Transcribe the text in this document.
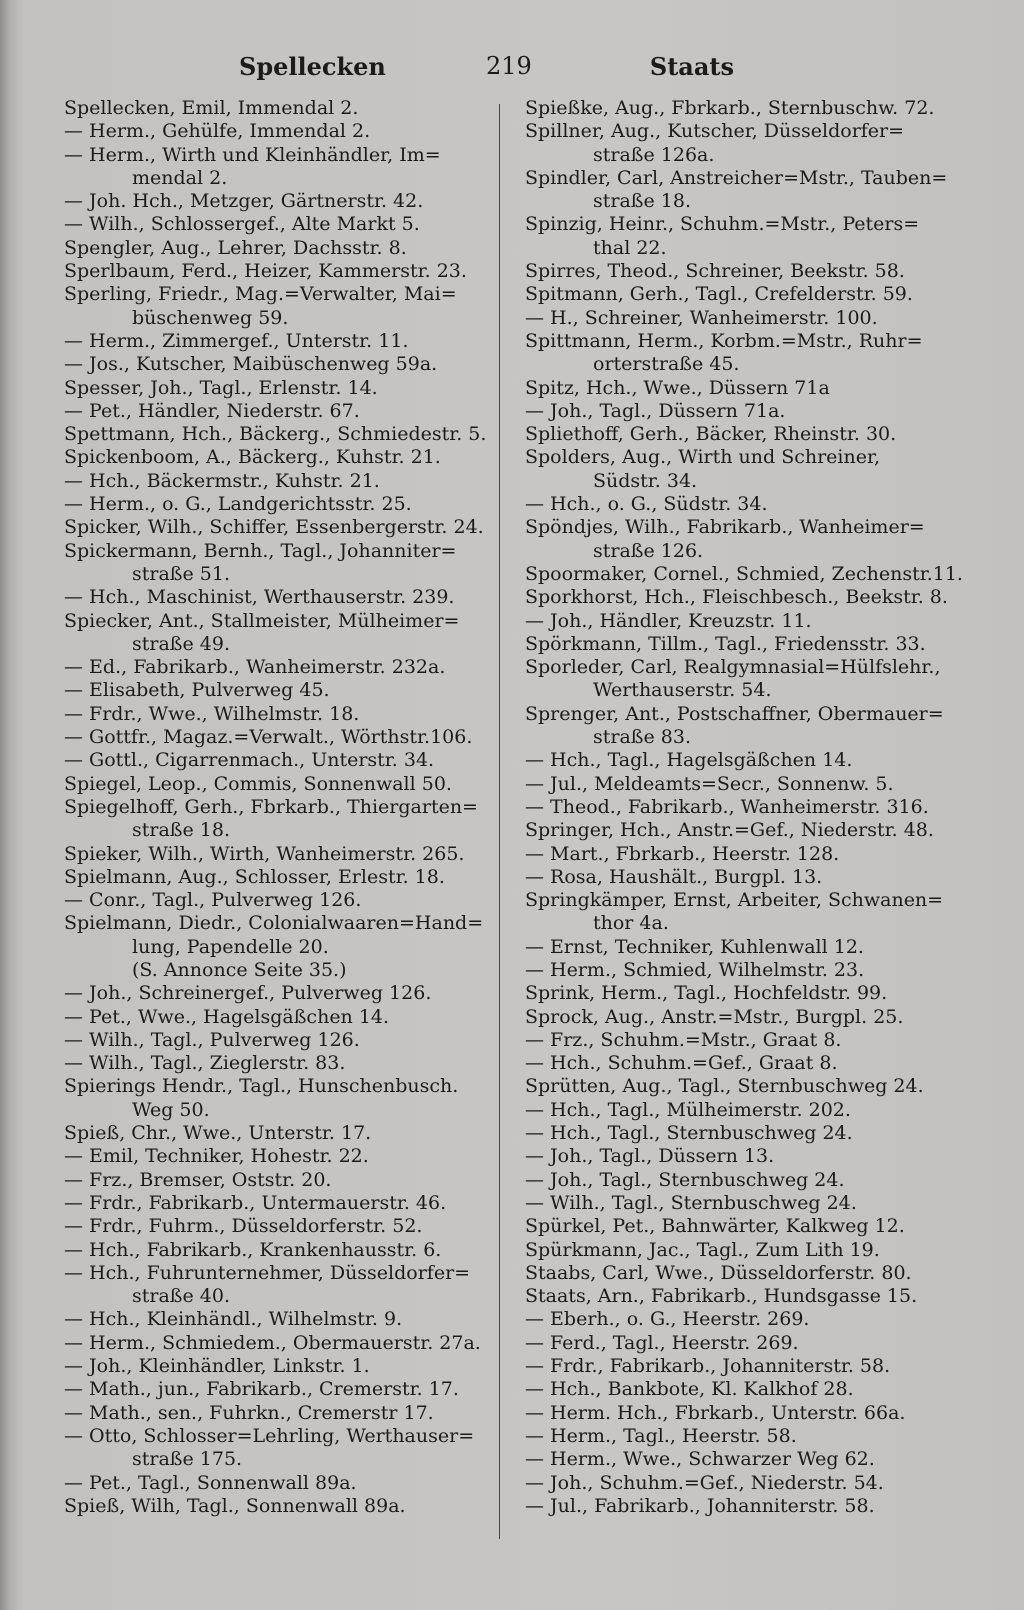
Spellecken	219	Staats
Spellecken, Emil, Immendal 2.
— Herm., Gehülfe, Immendal 2.
— Herm., Wirth und Kleinhändler, Im=
mendal 2.
— Joh. Hch., Metzger, Gärtnerstr. 42.
— Wilh., Schlossergef., Alte Markt 5.
Spengler, Aug., Lehrer, Dachsstr. 8.
Sperlbaum, Ferd., Heizer, Kammerstr. 23.
Sperling, Friedr., Mag.=Verwalter, Mai=
büschenweg 59.
— Herm., Zimmergef., Unterstr. 11.
— Jos., Kutscher, Maibüschenweg 59a.
Spesser, Joh., Tagl., Erlenstr. 14.
— Pet., Händler, Niederstr. 67.
Spettmann, Hch., Bäckerg., Schmiedestr. 5.
Spickenboom, A., Bäckerg., Kuhstr. 21.
— Hch., Bäckermstr., Kuhstr. 21.
— Herm., o. G., Landgerichtsstr. 25.
Spicker, Wilh., Schiffer, Essenbergerstr. 24.
Spickermann, Bernh., Tagl., Johanniter=
straße 51.
— Hch., Maschinist, Werthauserstr. 239.
Spiecker, Ant., Stallmeister, Mülheimer=
straße 49.
— Ed., Fabrikarb., Wanheimerstr. 232a.
— Elisabeth, Pulverweg 45.
— Frdr., Wwe., Wilhelmstr. 18.
— Gottfr., Magaz.=Verwalt., Wörthstr.106.
— Gottl., Cigarrenmach., Unterstr. 34.
Spiegel, Leop., Commis, Sonnenwall 50.
Spiegelhoff, Gerh., Fbrkarb., Thiergarten=
straße 18.
Spieker, Wilh., Wirth, Wanheimerstr. 265.
Spielmann, Aug., Schlosser, Erlestr. 18.
— Conr., Tagl., Pulverweg 126.
Spielmann, Diedr., Colonialwaaren=Hand=
lung, Papendelle 20.
(S. Annonce Seite 35.)
— Joh., Schreinergef., Pulverweg 126.
— Pet., Wwe., Hagelsgäßchen 14.
— Wilh., Tagl., Pulverweg 126.
— Wilh., Tagl., Zieglerstr. 83.
Spierings Hendr., Tagl., Hunschenbusch.
Weg 50.
Spieß, Chr., Wwe., Unterstr. 17.
— Emil, Techniker, Hohestr. 22.
— Frz., Bremser, Oststr. 20.
— Frdr., Fabrikarb., Untermauerstr. 46.
— Frdr., Fuhrm., Düsseldorferstr. 52.
— Hch., Fabrikarb., Krankenhausstr. 6.
— Hch., Fuhrunternehmer, Düsseldorfer=
straße 40.
— Hch., Kleinhändl., Wilhelmstr. 9.
— Herm., Schmiedem., Obermauerstr. 27a.
— Joh., Kleinhändler, Linkstr. 1.
— Math., jun., Fabrikarb., Cremerstr. 17.
— Math., sen., Fuhrkn., Cremerstr 17.
— Otto, Schlosser=Lehrling, Werthauser=
straße 175.
— Pet., Tagl., Sonnenwall 89a.
Spieß, Wilh, Tagl., Sonnenwall 89a.
Spießke, Aug., Fbrkarb., Sternbuschw. 72.
Spillner, Aug., Kutscher, Düsseldorfer=
straße 126a.
Spindler, Carl, Anstreicher=Mstr., Tauben=
straße 18.
Spinzig, Heinr., Schuhm.=Mstr., Peters=
thal 22.
Spirres, Theod., Schreiner, Beekstr. 58.
Spitmann, Gerh., Tagl., Crefelderstr. 59.
— H., Schreiner, Wanheimerstr. 100.
Spittmann, Herm., Korbm.=Mstr., Ruhr=
orterstraße 45.
Spitz, Hch., Wwe., Düssern 71a
— Joh., Tagl., Düssern 71a.
Spliethoff, Gerh., Bäcker, Rheinstr. 30.
Spolders, Aug., Wirth und Schreiner,
Südstr. 34.
— Hch., o. G., Südstr. 34.
Spöndjes, Wilh., Fabrikarb., Wanheimer=
straße 126.
Spoormaker, Cornel., Schmied, Zechenstr.11.
Sporkhorst, Hch., Fleischbesch., Beekstr. 8.
— Joh., Händler, Kreuzstr. 11.
Spörkmann, Tillm., Tagl., Friedensstr. 33.
Sporleder, Carl, Realgymnasial=Hülfslehr.,
Werthauserstr. 54.
Sprenger, Ant., Postschaffner, Obermauer=
straße 83.
— Hch., Tagl., Hagelsgäßchen 14.
— Jul., Meldeamts=Secr., Sonnenw. 5.
— Theod., Fabrikarb., Wanheimerstr. 316.
Springer, Hch., Anstr.=Gef., Niederstr. 48.
— Mart., Fbrkarb., Heerstr. 128.
— Rosa, Haushält., Burgpl. 13.
Springkämper, Ernst, Arbeiter, Schwanen=
thor 4a.
— Ernst, Techniker, Kuhlenwall 12.
— Herm., Schmied, Wilhelmstr. 23.
Sprink, Herm., Tagl., Hochfeldstr. 99.
Sprock, Aug., Anstr.=Mstr., Burgpl. 25.
— Frz., Schuhm.=Mstr., Graat 8.
— Hch., Schuhm.=Gef., Graat 8.
Sprütten, Aug., Tagl., Sternbuschweg 24.
— Hch., Tagl., Mülheimerstr. 202.
— Hch., Tagl., Sternbuschweg 24.
— Joh., Tagl., Düssern 13.
— Joh., Tagl., Sternbuschweg 24.
— Wilh., Tagl., Sternbuschweg 24.
Spürkel, Pet., Bahnwärter, Kalkweg 12.
Spürkmann, Jac., Tagl., Zum Lith 19.
Staabs, Carl, Wwe., Düsseldorferstr. 80.
Staats, Arn., Fabrikarb., Hundsgasse 15.
— Eberh., o. G., Heerstr. 269.
— Ferd., Tagl., Heerstr. 269.
— Frdr., Fabrikarb., Johanniterstr. 58.
— Hch., Bankbote, Kl. Kalkhof 28.
— Herm. Hch., Fbrkarb., Unterstr. 66a.
— Herm., Tagl., Heerstr. 58.
— Herm., Wwe., Schwarzer Weg 62.
— Joh., Schuhm.=Gef., Niederstr. 54.
— Jul., Fabrikarb., Johanniterstr. 58.
